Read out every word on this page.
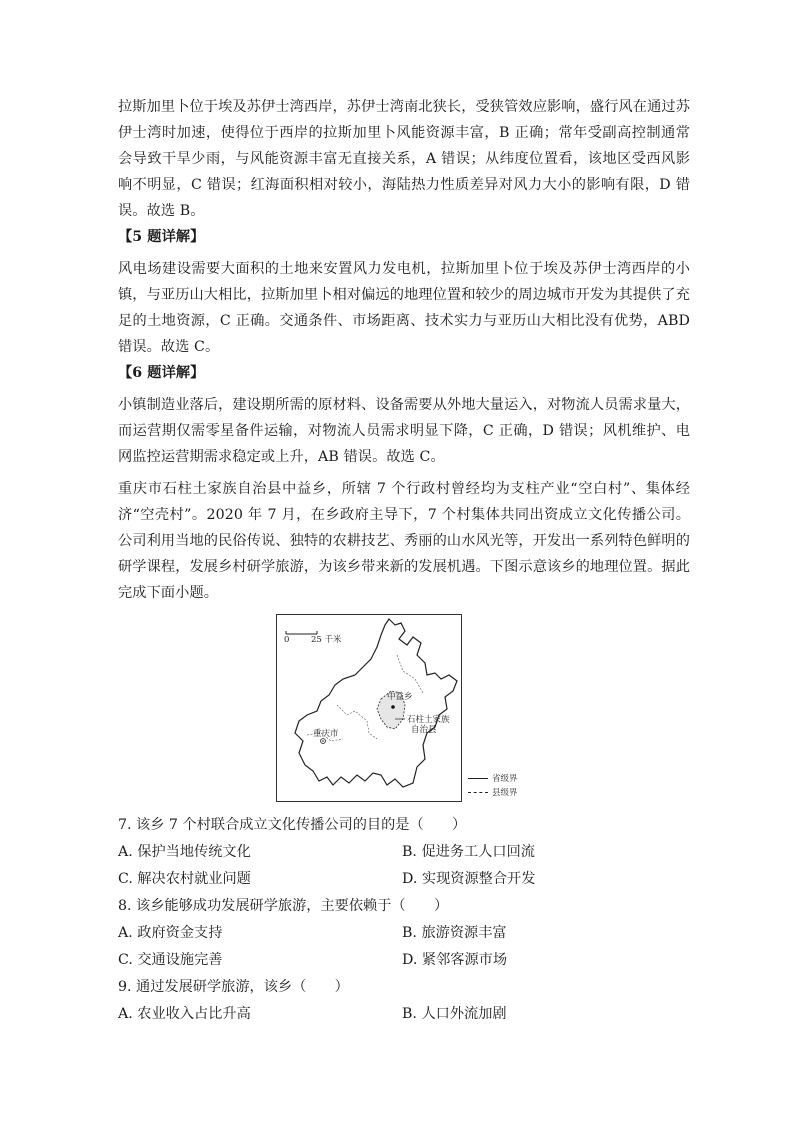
拉斯加里卜位于埃及苏伊士湾西岸，苏伊士湾南北狭长，受狭管效应影响，盛行风在通过苏伊士湾时加速，使得位于西岸的拉斯加里卜风能资源丰富，B 正确；常年受副高控制通常会导致干旱少雨，与风能资源丰富无直接关系，A 错误；从纬度位置看，该地区受西风影响不明显，C 错误；红海面积相对较小，海陆热力性质差异对风力大小的影响有限，D 错误。故选 B。

【5 题详解】

风电场建设需要大面积的土地来安置风力发电机，拉斯加里卜位于埃及苏伊士湾西岸的小镇，与亚历山大相比，拉斯加里卜相对偏远的地理位置和较少的周边城市开发为其提供了充足的土地资源，C 正确。交通条件、市场距离、技术实力与亚历山大相比没有优势，ABD 错误。故选 C。

【6 题详解】

小镇制造业落后，建设期所需的原材料、设备需要从外地大量运入，对物流人员需求量大，而运营期仅需零星备件运输，对物流人员需求明显下降，C 正确，D 错误；风机维护、电网监控运营期需求稳定或上升，AB 错误。故选 C。

重庆市石柱土家族自治县中益乡，所辖 7 个行政村曾经均为支柱产业“空白村”、集体经济“空壳村”。2020 年 7 月，在乡政府主导下，7 个村集体共同出资成立文化传播公司。公司利用当地的民俗传说、独特的农耕技艺、秀丽的山水风光等，开发出一系列特色鲜明的研学课程，发展乡村研学旅游，为该乡带来新的发展机遇。下图示意该乡的地理位置。据此完成下面小题。

0	25 千米
中益乡
石柱土家族
自治县
重庆市
省级界
县级界

7. 该乡 7 个村联合成立文化传播公司的目的是（　　）

A. 保护当地传统文化	B. 促进务工人口回流

C. 解决农村就业问题	D. 实现资源整合开发

8. 该乡能够成功发展研学旅游，主要依赖于（　　）

A. 政府资金支持	B. 旅游资源丰富

C. 交通设施完善	D. 紧邻客源市场

9. 通过发展研学旅游，该乡（　　）

A. 农业收入占比升高	B. 人口外流加剧
